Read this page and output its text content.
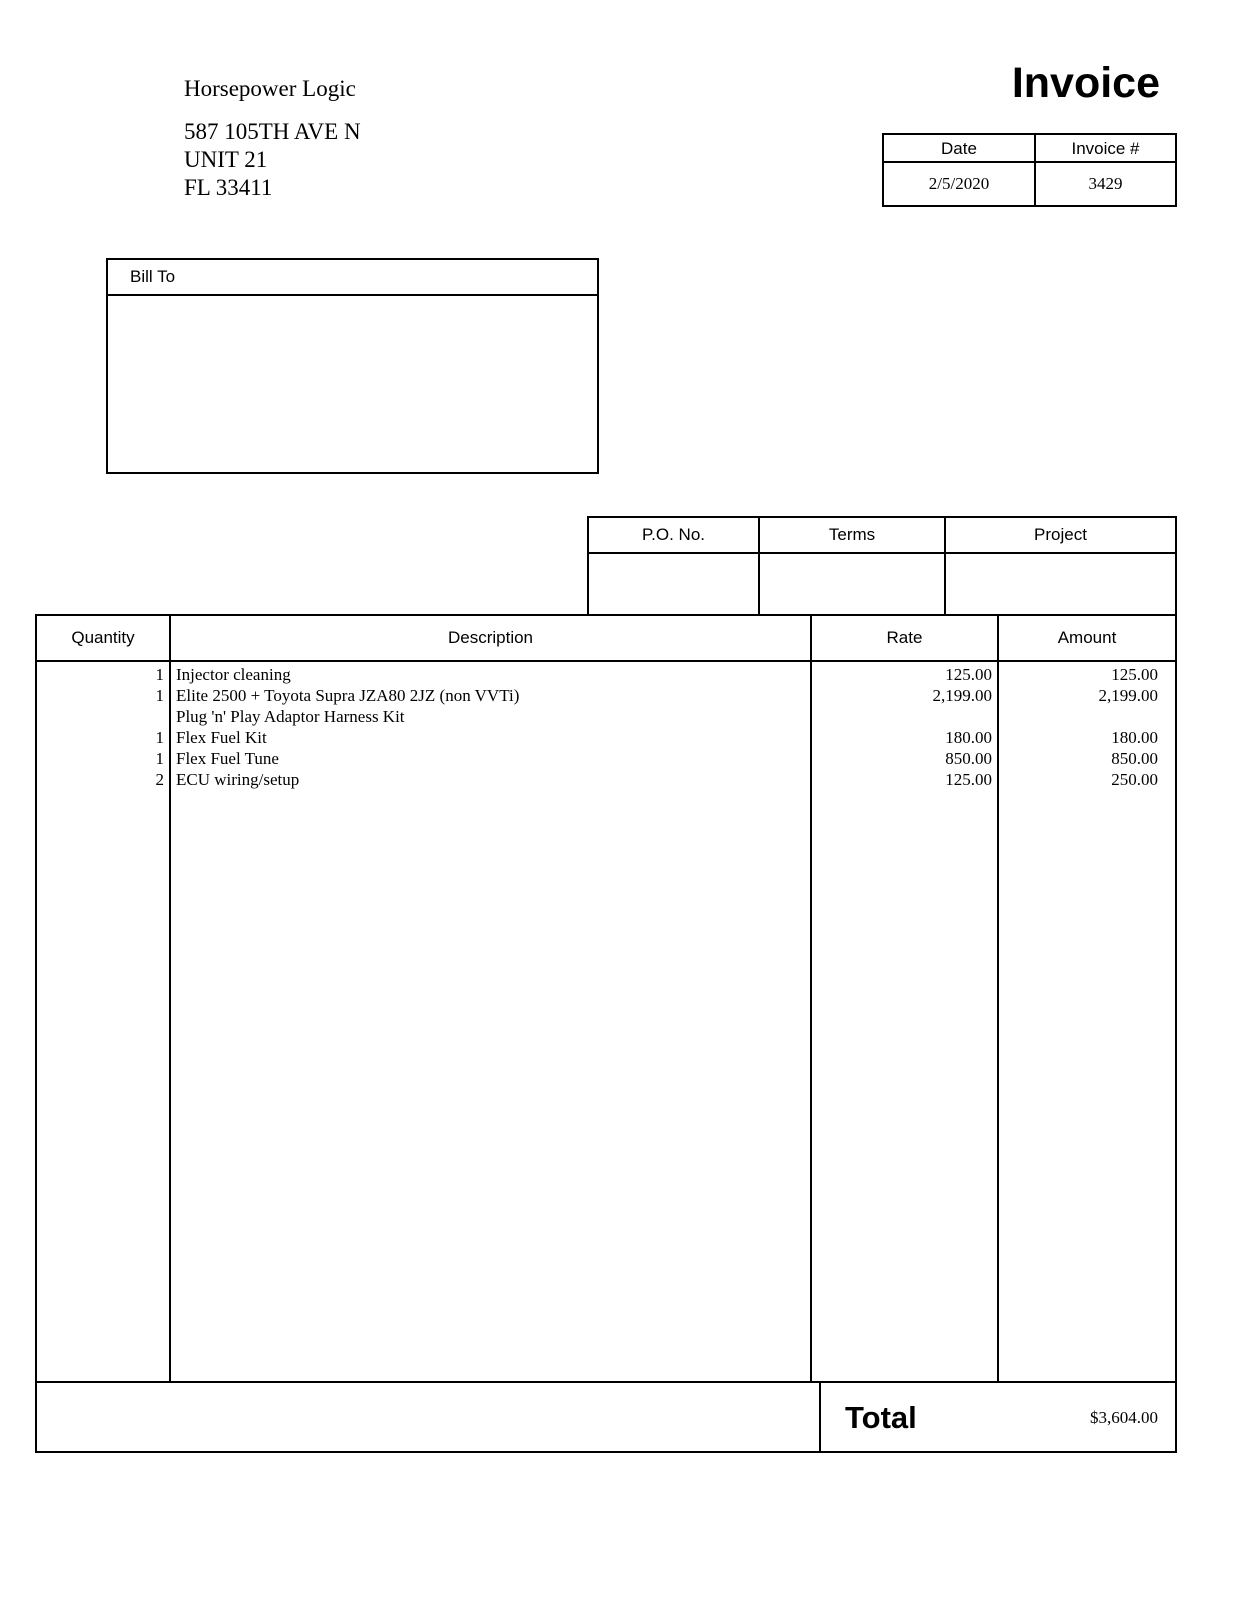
Horsepower Logic
587 105TH AVE N
UNIT 21
FL 33411
Invoice
Date	Invoice #
2/5/2020	3429
Bill To
P.O. No.	Terms	Project
Quantity	Description	Rate	Amount
1 Injector cleaning	125.00	125.00
1 Elite 2500 + Toyota Supra JZA80 2JZ (non VVTi)	2,199.00	2,199.00
Plug 'n' Play Adaptor Harness Kit
1 Flex Fuel Kit	180.00	180.00
1 Flex Fuel Tune	850.00	850.00
2 ECU wiring/setup	125.00	250.00
Total	$3,604.00
